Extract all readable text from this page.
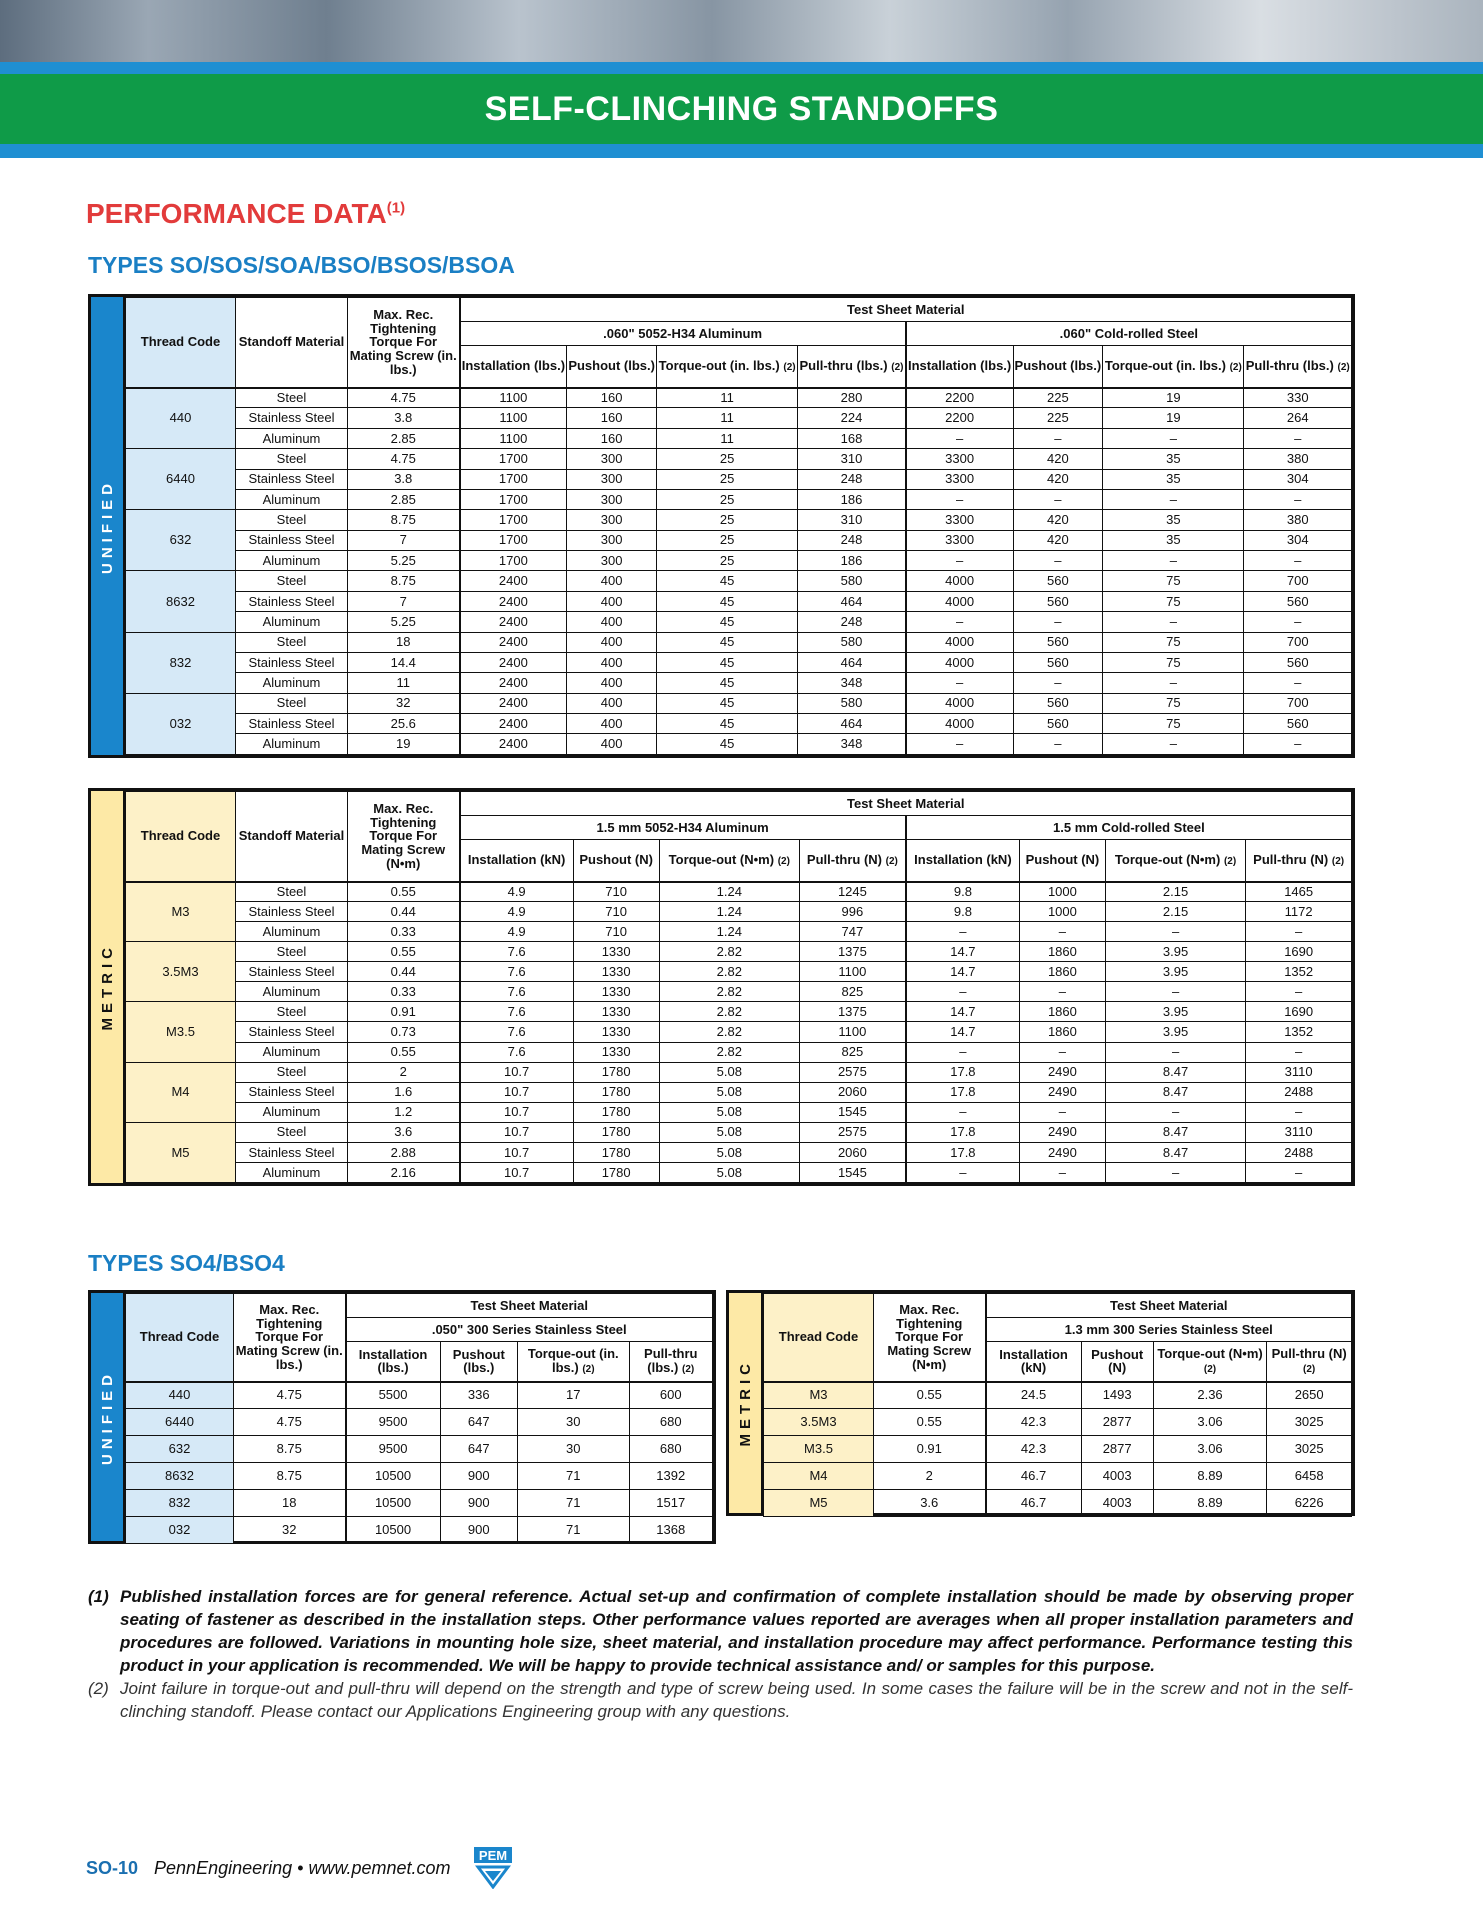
SELF-CLINCHING STANDOFFS
PERFORMANCE DATA$^{(1)}$
TYPES SO/SOS/SOA/BSO/BSOS/BSOA
UNIFIED
Thread Code	Standoff Material	Max. Rec. Tightening Torque For Mating Screw (in. lbs.)	Test Sheet Material							
			.060" 5052-H34 Aluminum				.060" Cold-rolled Steel			
			Installation (lbs.)	Pushout (lbs.)	Torque-out (in. lbs.) (2)	Pull-thru (lbs.) (2)	Installation (lbs.)	Pushout (lbs.)	Torque-out (in. lbs.) (2)	Pull-thru (lbs.) (2)
440	Steel	4.75	1100	160	11	280	2200	225	19	330
	Stainless Steel	3.8	1100	160	11	224	2200	225	19	264
	Aluminum	2.85	1100	160	11	168	–	–	–	–
6440	Steel	4.75	1700	300	25	310	3300	420	35	380
	Stainless Steel	3.8	1700	300	25	248	3300	420	35	304
	Aluminum	2.85	1700	300	25	186	–	–	–	–
632	Steel	8.75	1700	300	25	310	3300	420	35	380
	Stainless Steel	7	1700	300	25	248	3300	420	35	304
	Aluminum	5.25	1700	300	25	186	–	–	–	–
8632	Steel	8.75	2400	400	45	580	4000	560	75	700
	Stainless Steel	7	2400	400	45	464	4000	560	75	560
	Aluminum	5.25	2400	400	45	248	–	–	–	–
832	Steel	18	2400	400	45	580	4000	560	75	700
	Stainless Steel	14.4	2400	400	45	464	4000	560	75	560
	Aluminum	11	2400	400	45	348	–	–	–	–
032	Steel	32	2400	400	45	580	4000	560	75	700
	Stainless Steel	25.6	2400	400	45	464	4000	560	75	560
	Aluminum	19	2400	400	45	348	–	–	–	–
METRIC
Thread Code	Standoff Material	Max. Rec. Tightening Torque For Mating Screw (N•m)	Test Sheet Material							
			1.5 mm 5052-H34 Aluminum				1.5 mm Cold-rolled Steel			
			Installation (kN)	Pushout (N)	Torque-out (N•m) (2)	Pull-thru (N) (2)	Installation (kN)	Pushout (N)	Torque-out (N•m) (2)	Pull-thru (N) (2)
M3	Steel	0.55	4.9	710	1.24	1245	9.8	1000	2.15	1465
	Stainless Steel	0.44	4.9	710	1.24	996	9.8	1000	2.15	1172
	Aluminum	0.33	4.9	710	1.24	747	–	–	–	–
3.5M3	Steel	0.55	7.6	1330	2.82	1375	14.7	1860	3.95	1690
	Stainless Steel	0.44	7.6	1330	2.82	1100	14.7	1860	3.95	1352
	Aluminum	0.33	7.6	1330	2.82	825	–	–	–	–
M3.5	Steel	0.91	7.6	1330	2.82	1375	14.7	1860	3.95	1690
	Stainless Steel	0.73	7.6	1330	2.82	1100	14.7	1860	3.95	1352
	Aluminum	0.55	7.6	1330	2.82	825	–	–	–	–
M4	Steel	2	10.7	1780	5.08	2575	17.8	2490	8.47	3110
	Stainless Steel	1.6	10.7	1780	5.08	2060	17.8	2490	8.47	2488
	Aluminum	1.2	10.7	1780	5.08	1545	–	–	–	–
M5	Steel	3.6	10.7	1780	5.08	2575	17.8	2490	8.47	3110
	Stainless Steel	2.88	10.7	1780	5.08	2060	17.8	2490	8.47	2488
	Aluminum	2.16	10.7	1780	5.08	1545	–	–	–	–
TYPES SO4/BSO4
UNIFIED
Thread Code	Max. Rec. Tightening Torque For Mating Screw (in. lbs.)	Test Sheet Material			
		.050" 300 Series Stainless Steel			
		Installation (lbs.)	Pushout (lbs.)	Torque-out (in. lbs.) (2)	Pull-thru (lbs.) (2)
440	4.75	5500	336	17	600
6440	4.75	9500	647	30	680
632	8.75	9500	647	30	680
8632	8.75	10500	900	71	1392
832	18	10500	900	71	1517
032	32	10500	900	71	1368
METRIC
Thread Code	Max. Rec. Tightening Torque For Mating Screw (N•m)	Test Sheet Material			
		1.3 mm 300 Series Stainless Steel			
		Installation (kN)	Pushout (N)	Torque-out (N•m) (2)	Pull-thru (N) (2)
M3	0.55	24.5	1493	2.36	2650
3.5M3	0.55	42.3	2877	3.06	3025
M3.5	0.91	42.3	2877	3.06	3025
M4	2	46.7	4003	8.89	6458
M5	3.6	46.7	4003	8.89	6226
(1) Published installation forces are for general reference. Actual set-up and confirmation of complete installation should be made by observing proper seating of fastener as described in the installation steps. Other performance values reported are averages when all proper installation parameters and procedures are followed. Variations in mounting hole size, sheet material, and installation procedure may affect performance. Performance testing this product in your application is recommended. We will be happy to provide technical assistance and/ or samples for this purpose.
(2) Joint failure in torque-out and pull-thru will depend on the strength and type of screw being used. In some cases the failure will be in the screw and not in the self-clinching standoff. Please contact our Applications Engineering group with any questions.
SO-10 PennEngineering • www.pemnet.com
PEM
